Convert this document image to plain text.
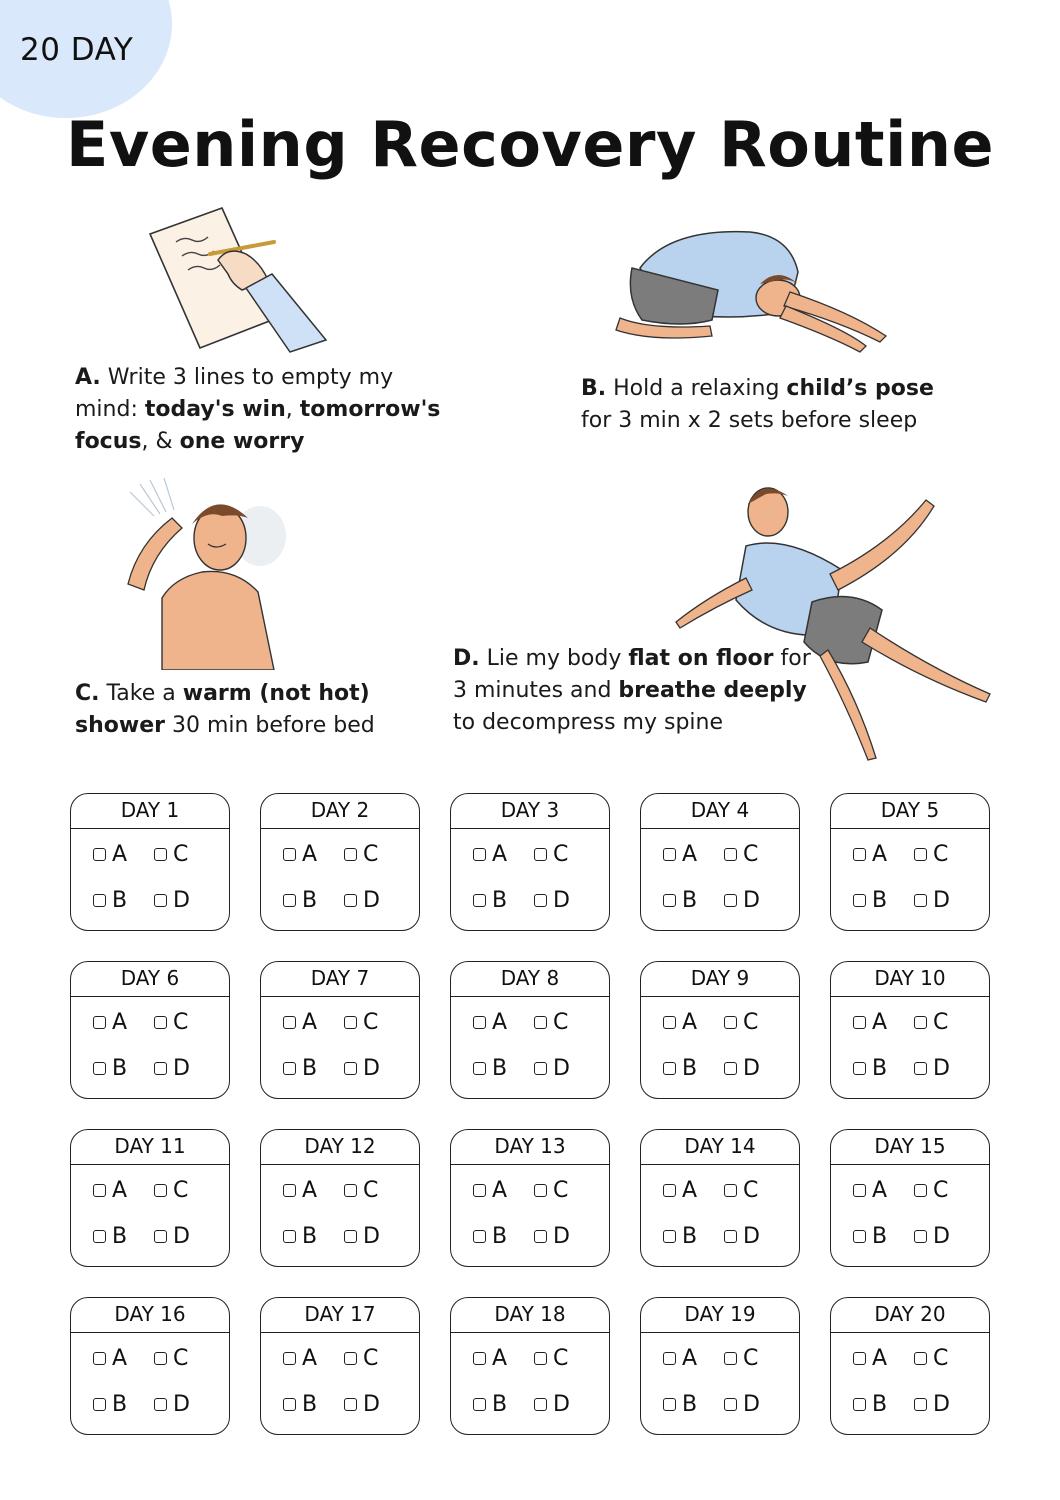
20 DAY
Evening Recovery Routine
A. Write 3 lines to empty my mind: today's win, tomorrow's focus, & one worry
B. Hold a relaxing child’s pose for 3 min x 2 sets before sleep
C. Take a warm (not hot) shower 30 min before bed
D. Lie my body flat on floor for 3 minutes and breathe deeply to decompress my spine
DAY 1
A C
B D
DAY 2
A C
B D
DAY 3
A C
B D
DAY 4
A C
B D
DAY 5
A C
B D
DAY 6
A C
B D
DAY 7
A C
B D
DAY 8
A C
B D
DAY 9
A C
B D
DAY 10
A C
B D
DAY 11
A C
B D
DAY 12
A C
B D
DAY 13
A C
B D
DAY 14
A C
B D
DAY 15
A C
B D
DAY 16
A C
B D
DAY 17
A C
B D
DAY 18
A C
B D
DAY 19
A C
B D
DAY 20
A C
B D
